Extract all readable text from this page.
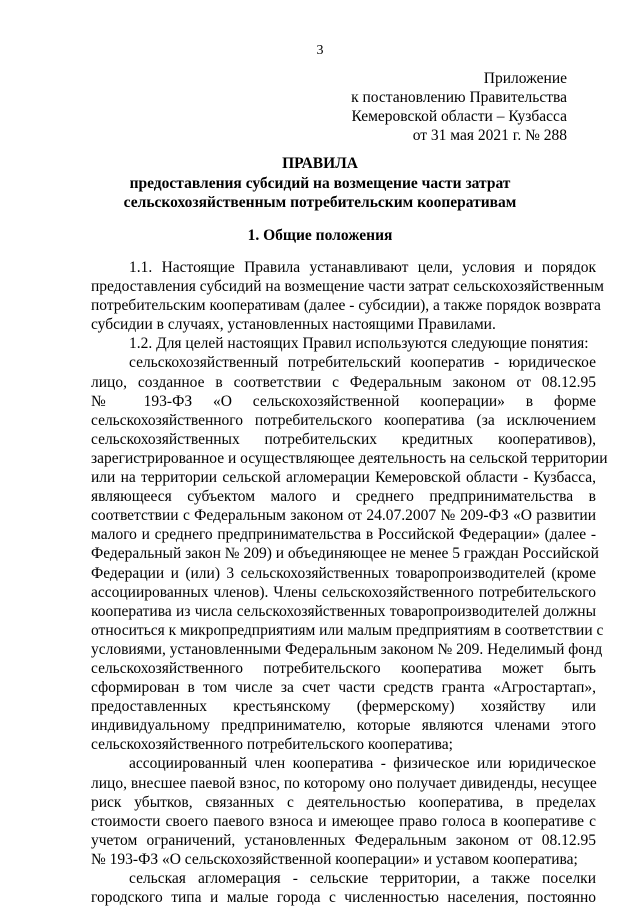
3
Приложение
к постановлению Правительства
Кемеровской области – Кузбасса
от 31 мая 2021 г. № 288
ПРАВИЛА
предоставления субсидий на возмещение части затрат
сельскохозяйственным потребительским кооперативам
1. Общие положения
1.1. Настоящие Правила устанавливают цели, условия и порядок
предоставления субсидий на возмещение части затрат сельскохозяйственным
потребительским кооперативам (далее - субсидии), а также порядок возврата
субсидии в случаях, установленных настоящими Правилами.
1.2. Для целей настоящих Правил используются следующие понятия:
сельскохозяйственный потребительский кооператив - юридическое
лицо, созданное в соответствии с Федеральным законом от 08.12.95
№ 193-ФЗ «О сельскохозяйственной кооперации» в форме
сельскохозяйственного потребительского кооператива (за исключением
сельскохозяйственных потребительских кредитных кооперативов),
зарегистрированное и осуществляющее деятельность на сельской территории
или на территории сельской агломерации Кемеровской области - Кузбасса,
являющееся субъектом малого и среднего предпринимательства в
соответствии с Федеральным законом от 24.07.2007 № 209-ФЗ «О развитии
малого и среднего предпринимательства в Российской Федерации» (далее -
Федеральный закон № 209) и объединяющее не менее 5 граждан Российской
Федерации и (или) 3 сельскохозяйственных товаропроизводителей (кроме
ассоциированных членов). Члены сельскохозяйственного потребительского
кооператива из числа сельскохозяйственных товаропроизводителей должны
относиться к микропредприятиям или малым предприятиям в соответствии с
условиями, установленными Федеральным законом № 209. Неделимый фонд
сельскохозяйственного потребительского кооператива может быть
сформирован в том числе за счет части средств гранта «Агростартап»,
предоставленных крестьянскому (фермерскому) хозяйству или
индивидуальному предпринимателю, которые являются членами этого
сельскохозяйственного потребительского кооператива;
ассоциированный член кооператива - физическое или юридическое
лицо, внесшее паевой взнос, по которому оно получает дивиденды, несущее
риск убытков, связанных с деятельностью кооператива, в пределах
стоимости своего паевого взноса и имеющее право голоса в кооперативе с
учетом ограничений, установленных Федеральным законом от 08.12.95
№ 193-ФЗ «О сельскохозяйственной кооперации» и уставом кооператива;
сельская агломерация - сельские территории, а также поселки
городского типа и малые города с численностью населения, постоянно
